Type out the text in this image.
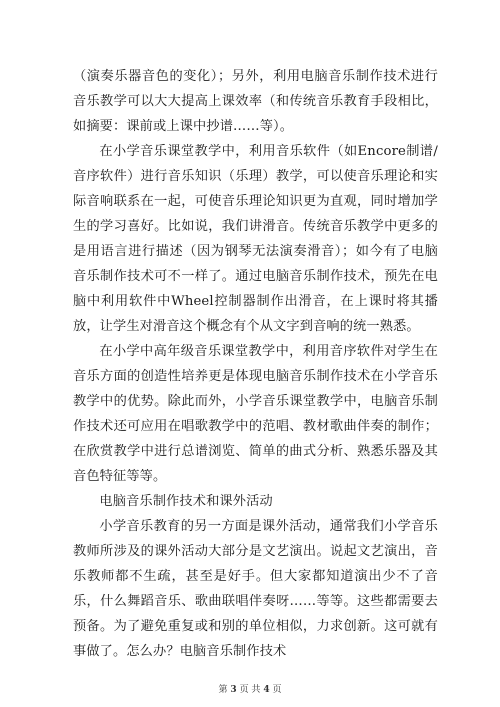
（演奏乐器音色的变化）；另外，利用电脑音乐制作技术进行音乐教学可以大大提高上课效率（和传统音乐教育手段相比，如摘要：课前或上课中抄谱……等）。

在小学音乐课堂教学中，利用音乐软件（如Encore制谱/音序软件）进行音乐知识（乐理）教学，可以使音乐理论和实际音响联系在一起，可使音乐理论知识更为直观，同时增加学生的学习喜好。比如说，我们讲滑音。传统音乐教学中更多的是用语言进行描述（因为钢琴无法演奏滑音）；如今有了电脑音乐制作技术可不一样了。通过电脑音乐制作技术，预先在电脑中利用软件中Wheel控制器制作出滑音，在上课时将其播放，让学生对滑音这个概念有个从文字到音响的统一熟悉。

在小学中高年级音乐课堂教学中，利用音序软件对学生在音乐方面的创造性培养更是体现电脑音乐制作技术在小学音乐教学中的优势。除此而外，小学音乐课堂教学中，电脑音乐制作技术还可应用在唱歌教学中的范唱、教材歌曲伴奏的制作；在欣赏教学中进行总谱浏览、简单的曲式分析、熟悉乐器及其音色特征等等。

电脑音乐制作技术和课外活动

小学音乐教育的另一方面是课外活动，通常我们小学音乐教师所涉及的课外活动大部分是文艺演出。说起文艺演出，音乐教师都不生疏，甚至是好手。但大家都知道演出少不了音乐，什么舞蹈音乐、歌曲联唱伴奏呀……等等。这些都需要去预备。为了避免重复或和别的单位相似，力求创新。这可就有事做了。怎么办？电脑音乐制作技术

第 3 页 共 4 页
